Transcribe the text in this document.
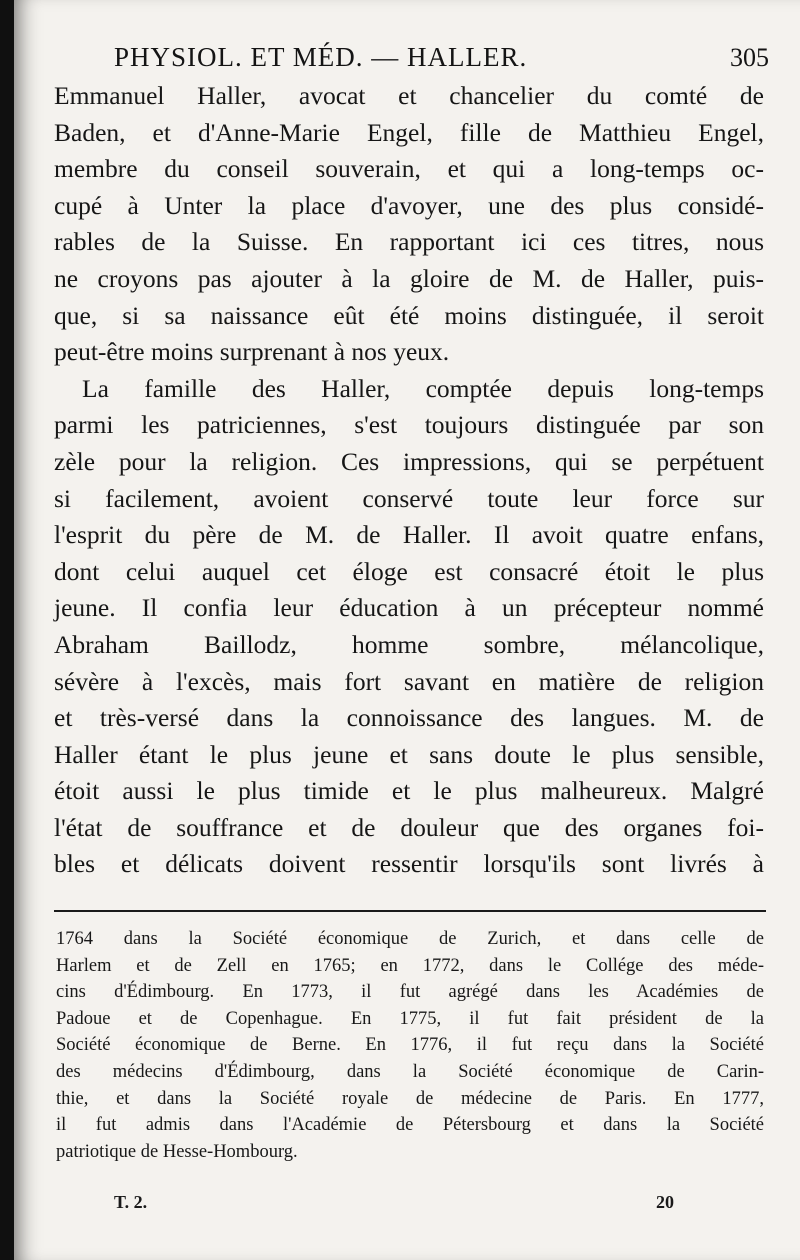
PHYSIOL. ET MÉD. — HALLER.	305
Emmanuel Haller, avocat et chancelier du comté de
Baden, et d'Anne-Marie Engel, fille de Matthieu Engel,
membre du conseil souverain, et qui a long-temps oc-
cupé à Unter la place d'avoyer, une des plus considé-
rables de la Suisse. En rapportant ici ces titres, nous
ne croyons pas ajouter à la gloire de M. de Haller, puis-
que, si sa naissance eût été moins distinguée, il seroit
peut-être moins surprenant à nos yeux.
La famille des Haller, comptée depuis long-temps
parmi les patriciennes, s'est toujours distinguée par son
zèle pour la religion. Ces impressions, qui se perpétuent
si facilement, avoient conservé toute leur force sur
l'esprit du père de M. de Haller. Il avoit quatre enfans,
dont celui auquel cet éloge est consacré étoit le plus
jeune. Il confia leur éducation à un précepteur nommé
Abraham Baillodz, homme sombre, mélancolique,
sévère à l'excès, mais fort savant en matière de religion
et très-versé dans la connoissance des langues. M. de
Haller étant le plus jeune et sans doute le plus sensible,
étoit aussi le plus timide et le plus malheureux. Malgré
l'état de souffrance et de douleur que des organes foi-
bles et délicats doivent ressentir lorsqu'ils sont livrés à
1764 dans la Société économique de Zurich, et dans celle de
Harlem et de Zell en 1765; en 1772, dans le Collége des méde-
cins d'Édimbourg. En 1773, il fut agrégé dans les Académies de
Padoue et de Copenhague. En 1775, il fut fait président de la
Société économique de Berne. En 1776, il fut reçu dans la Société
des médecins d'Édimbourg, dans la Société économique de Carin-
thie, et dans la Société royale de médecine de Paris. En 1777,
il fut admis dans l'Académie de Pétersbourg et dans la Société
patriotique de Hesse-Hombourg.
T. 2.	20
